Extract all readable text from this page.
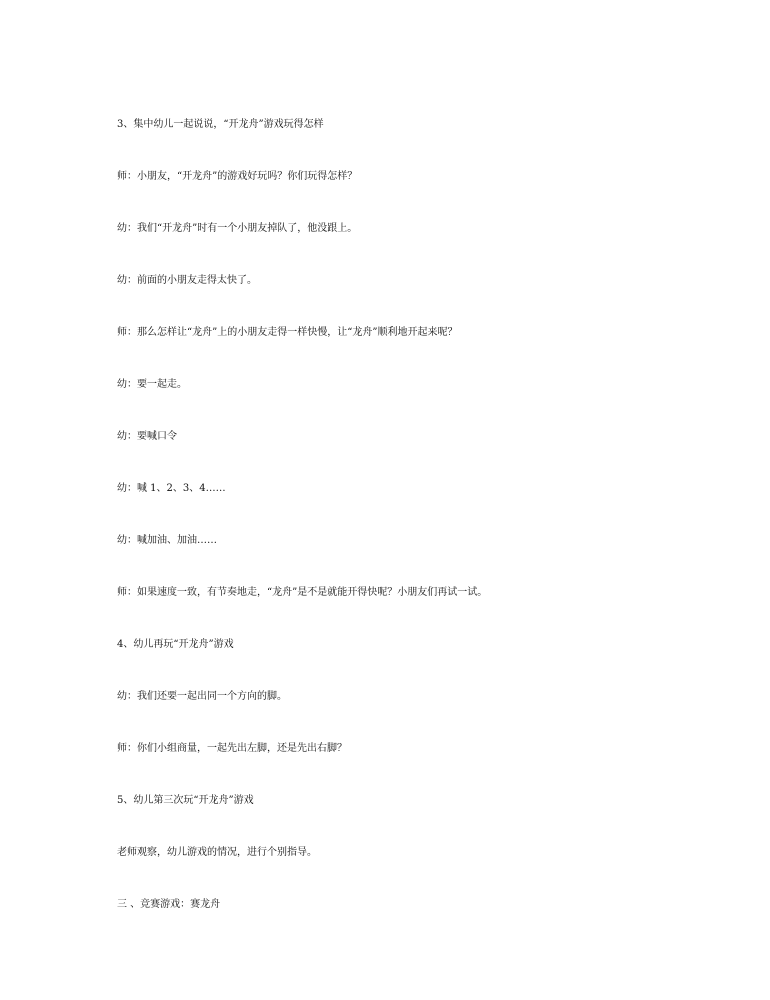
3、集中幼儿一起说说，“开龙舟”游戏玩得怎样

师：小朋友，“开龙舟”的游戏好玩吗？你们玩得怎样？

幼：我们“开龙舟”时有一个小朋友掉队了，他没跟上。

幼：前面的小朋友走得太快了。

师：那么怎样让“龙舟”上的小朋友走得一样快慢，让“龙舟”顺利地开起来呢？

幼：要一起走。

幼：要喊口令

幼：喊 1、2、3、4……

幼：喊加油、加油……

师：如果速度一致，有节奏地走，“龙舟”是不是就能开得快呢？小朋友们再试一试。

4、幼儿再玩“开龙舟”游戏

幼：我们还要一起出同一个方向的脚。

师：你们小组商量，一起先出左脚，还是先出右脚？

5、幼儿第三次玩“开龙舟”游戏

老师观察，幼儿游戏的情况，进行个别指导。

三 、竞赛游戏：赛龙舟
